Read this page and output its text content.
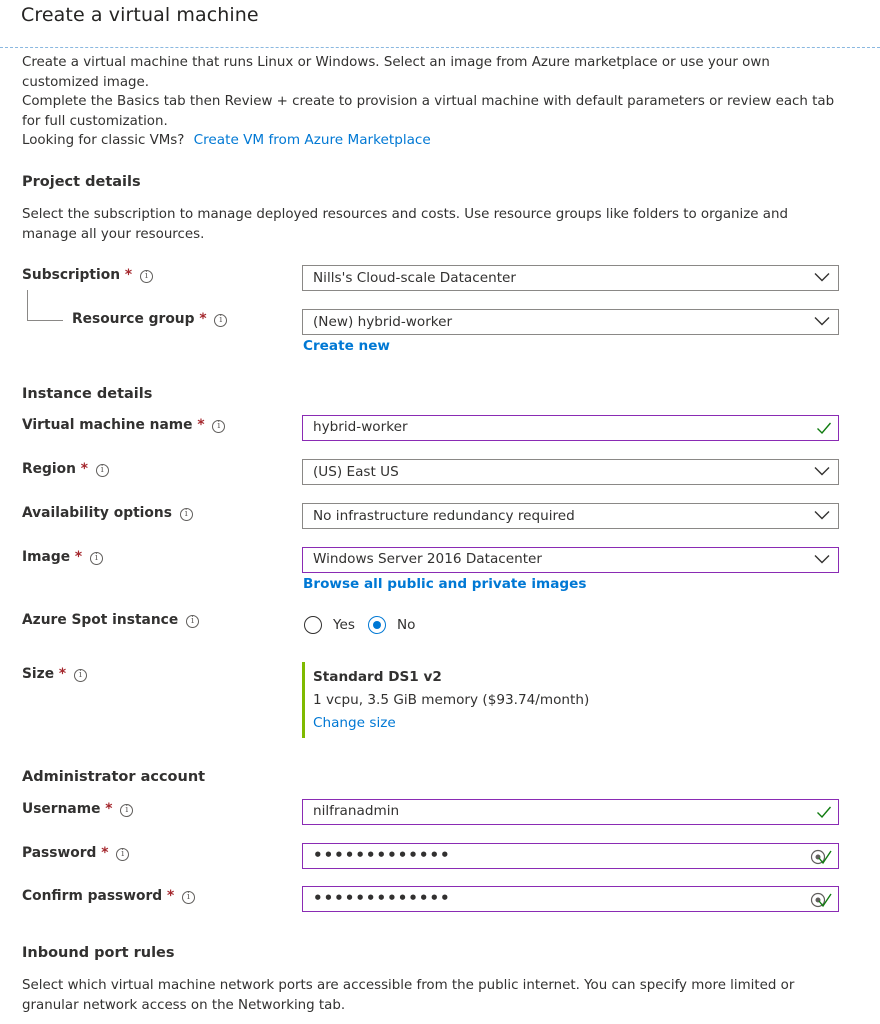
Create a virtual machine
Create a virtual machine that runs Linux or Windows. Select an image from Azure marketplace or use your own customized image.
Complete the Basics tab then Review + create to provision a virtual machine with default parameters or review each tab for full customization.
Looking for classic VMs? Create VM from Azure Marketplace
Project details
Select the subscription to manage deployed resources and costs. Use resource groups like folders to organize and manage all your resources.
Subscription * i	Nills's Cloud-scale Datacenter
Resource group * i	(New) hybrid-worker
Create new
Instance details
Virtual machine name * i	hybrid-worker
Region * i	(US) East US
Availability options i	No infrastructure redundancy required
Image * i	Windows Server 2016 Datacenter
Browse all public and private images
Azure Spot instance i	Yes	No
Size * i	Standard DS1 v2
1 vcpu, 3.5 GiB memory ($93.74/month)
Change size
Administrator account
Username * i	nilfranadmin
Password * i	•••••••••••••
Confirm password * i	•••••••••••••
Inbound port rules
Select which virtual machine network ports are accessible from the public internet. You can specify more limited or granular network access on the Networking tab.
